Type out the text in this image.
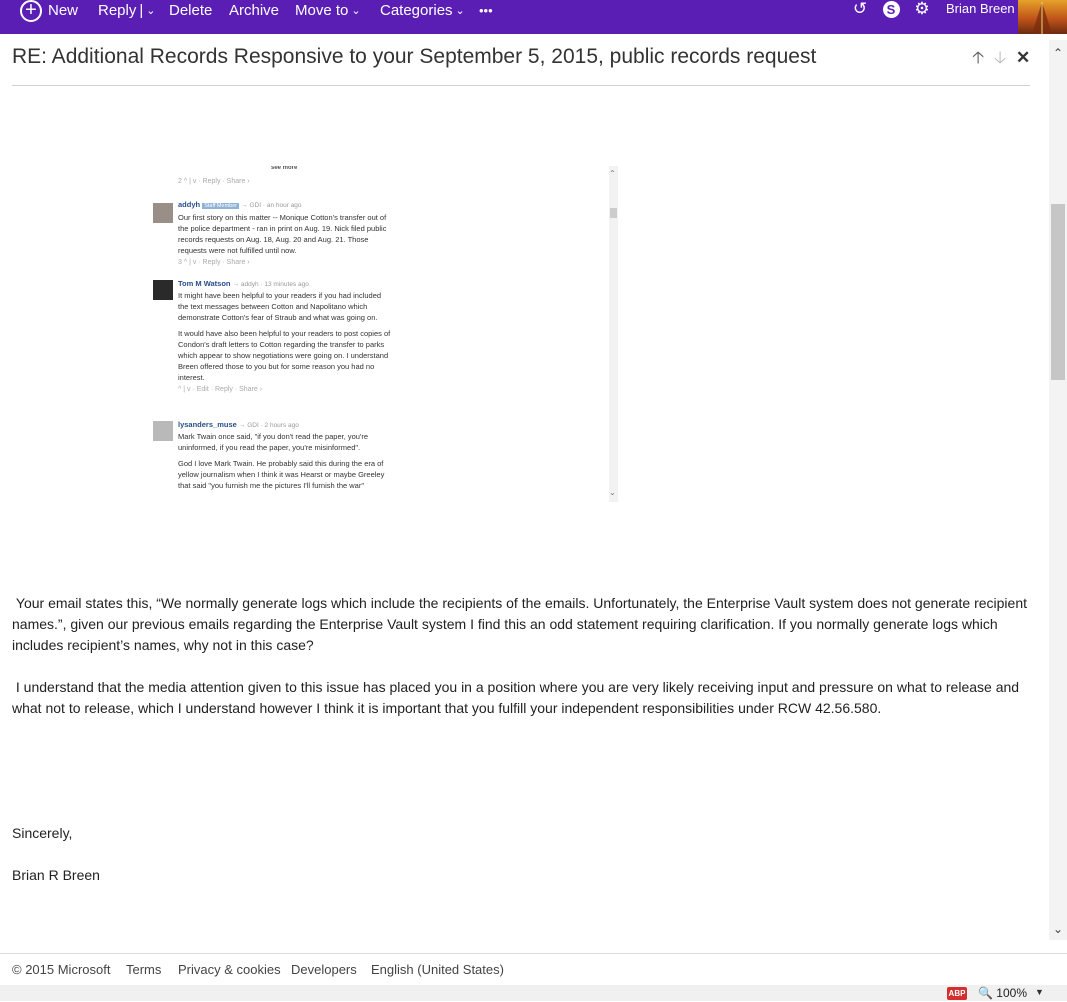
+ New Reply | ⌄ Delete Archive Move to ⌄ Categories ⌄ •••	↺	S	⚙ Brian Breen
RE: Additional Records Responsive to your September 5, 2015, public records request	🡡 🡣 ✕ ⌃
⌄
see more
2 ^ | v · Reply · Share ›
addyh Staff Member → GDI · an hour ago
Our first story on this matter -- Monique Cotton's transfer out of the police department - ran in print on Aug. 19. Nick filed public records requests on Aug. 18, Aug. 20 and Aug. 21. Those requests were not fulfilled until now.
3 ^ | v · Reply · Share ›
Tom M Watson → addyh · 13 minutes ago
It might have been helpful to your readers if you had included the text messages between Cotton and Napolitano which demonstrate Cotton's fear of Straub and what was going on.

It would have also been helpful to your readers to post copies of Condon's draft letters to Cotton regarding the transfer to parks which appear to show negotiations were going on. I understand Breen offered those to you but for some reason you had no interest.
^ | v · Edit · Reply · Share ›
lysanders_muse → GDI · 2 hours ago
Mark Twain once said, "if you don't read the paper, you're uninformed, if you read the paper, you're misinformed".

God I love Mark Twain. He probably said this during the era of yellow journalism when I think it was Hearst or maybe Greeley that said "you furnish me the pictures I'll furnish the war"
⌃
⌄
Your email states this, “We normally generate logs which include the recipients of the emails. Unfortunately, the Enterprise Vault system does not generate recipient names.”, given our previous emails regarding the Enterprise Vault system I find this an odd statement requiring clarification. If you normally generate logs which includes recipient’s names, why not in this case?
I understand that the media attention given to this issue has placed you in a position where you are very likely receiving input and pressure on what to release and what not to release, which I understand however I think it is important that you fulfill your independent responsibilities under RCW 42.56.580.
Sincerely,
Brian R Breen
© 2015 Microsoft Terms Privacy & cookies Developers English (United States)
ABP 🔍 100% ▼
